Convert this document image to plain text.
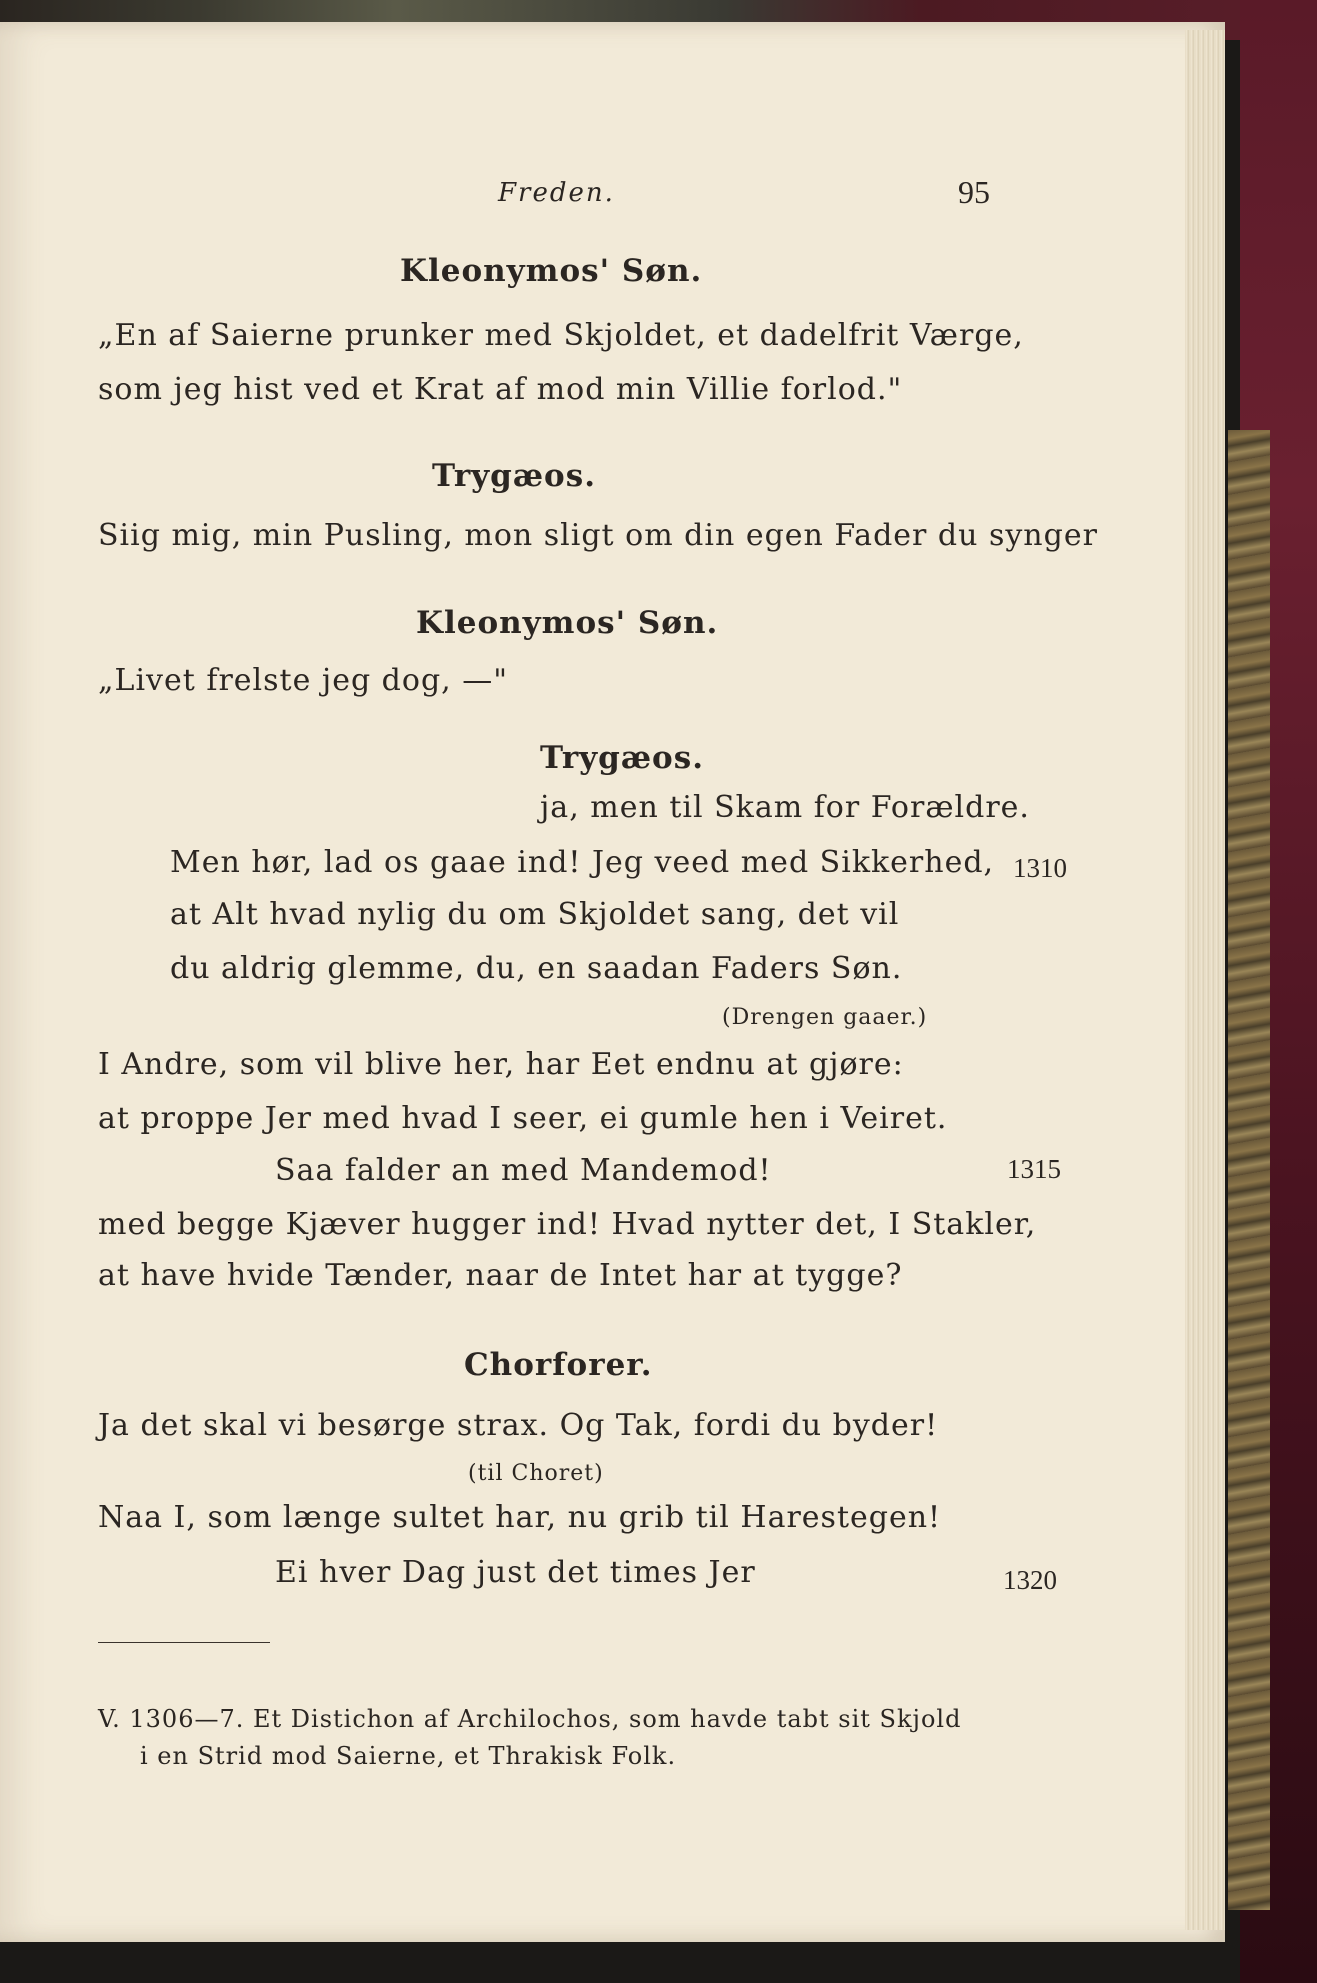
Freden.	95
Kleonymos' Søn.
„En af Saierne prunker med Skjoldet, et dadelfrit Værge,
som jeg hist ved et Krat af mod min Villie forlod."
Trygæos.
Siig mig, min Pusling, mon sligt om din egen Fader du synger
Kleonymos' Søn.
„Livet frelste jeg dog, —"
Trygæos.
ja, men til Skam for Forældre.
Men hør, lad os gaae ind! Jeg veed med Sikkerhed, 1310
at Alt hvad nylig du om Skjoldet sang, det vil
du aldrig glemme, du, en saadan Faders Søn.
(Drengen gaaer.)
I Andre, som vil blive her, har Eet endnu at gjøre:
at proppe Jer med hvad I seer, ei gumle hen i Veiret.
Saa falder an med Mandemod!	1315
med begge Kjæver hugger ind! Hvad nytter det, I Stakler,
at have hvide Tænder, naar de Intet har at tygge?
Chorforer.
Ja det skal vi besørge strax. Og Tak, fordi du byder!
(til Choret)
Naa I, som længe sultet har, nu grib til Harestegen!
Ei hver Dag just det times Jer	1320
V. 1306—7. Et Distichon af Archilochos, som havde tabt sit Skjold
i en Strid mod Saierne, et Thrakisk Folk.
